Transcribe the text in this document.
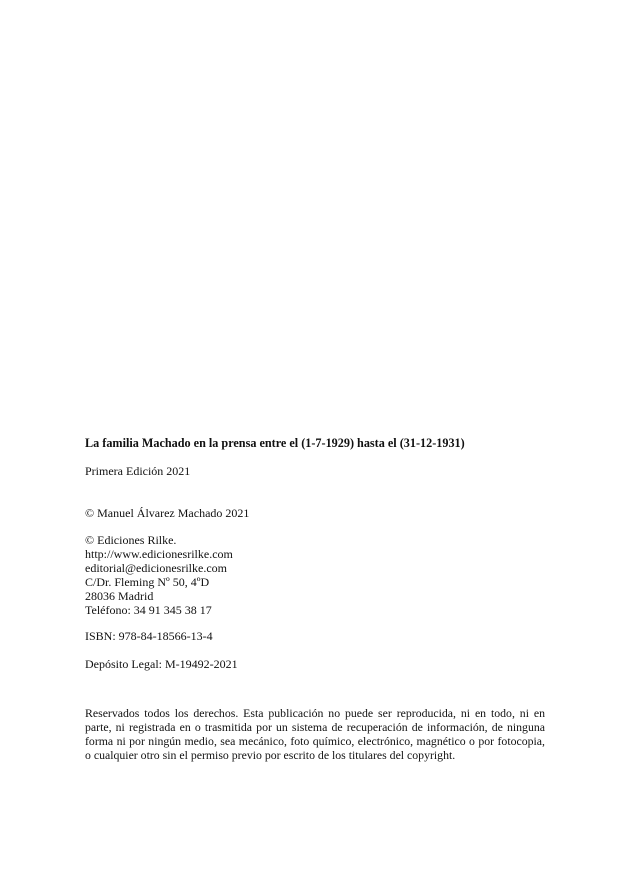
La familia Machado en la prensa entre el (1-7-1929) hasta el (31-12-1931)
Primera Edición 2021
© Manuel Álvarez Machado 2021
© Ediciones Rilke.
http://www.edicionesrilke.com
editorial@edicionesrilke.com
C/Dr. Fleming Nº 50, 4ºD
28036 Madrid
Teléfono: 34 91 345 38 17
ISBN: 978-84-18566-13-4
Depósito Legal: M-19492-2021
Reservados todos los derechos. Esta publicación no puede ser reproducida, ni en todo, ni en parte, ni registrada en o trasmitida por un sistema de recuperación de información, de ninguna forma ni por ningún medio, sea mecánico, foto químico, electrónico, magnético o por fotocopia, o cualquier otro sin el permiso previo por escrito de los titulares del copyright.
